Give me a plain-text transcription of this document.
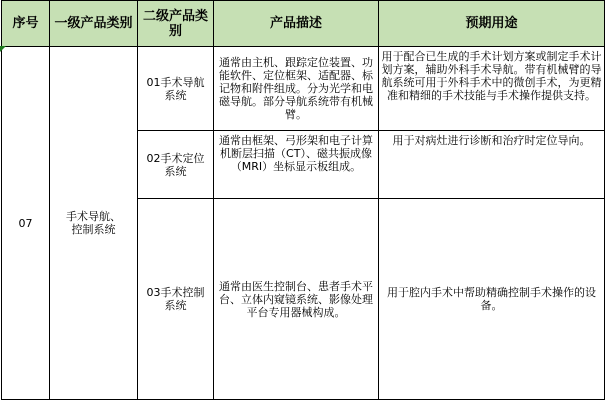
序号	一级产品类别	二级产品类别	产品描述	预期用途
07	手术导航、控制系统	01手术导航系统	通常由主机、跟踪定位装置、功能软件、定位框架、适配器、标记物和附件组成。分为光学和电磁导航。部分导航系统带有机械臂。	用于配合已生成的手术计划方案或制定手术计划方案，辅助外科手术导航。带有机械臂的导航系统可用于外科手术中的微创手术，为更精准和精细的手术技能与手术操作提供支持。
		02手术定位系统	通常由框架、弓形架和电子计算机断层扫描（CT）、磁共振成像（MRI）坐标显示板组成。	用于对病灶进行诊断和治疗时定位导向。
		03手术控制系统	通常由医生控制台、患者手术平台、立体内窥镜系统、影像处理平台专用器械构成。	用于腔内手术中帮助精确控制手术操作的设备。
